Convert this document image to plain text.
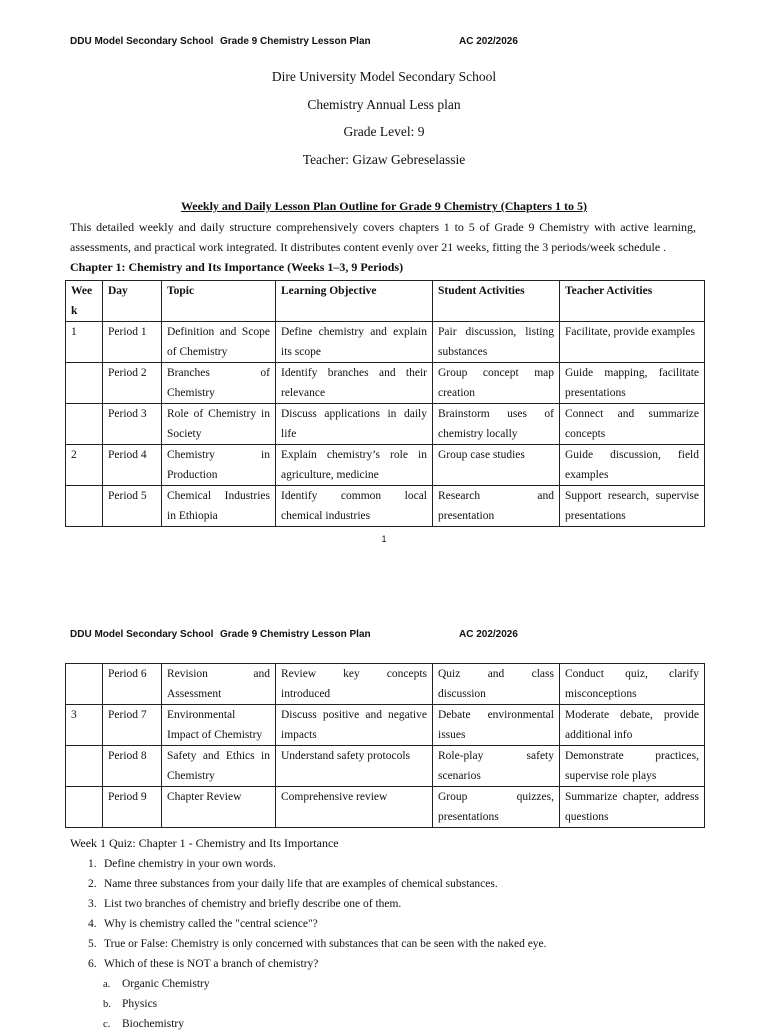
DDU Model Secondary School Grade 9 Chemistry Lesson Plan	AC 202/2026
Dire University Model Secondary School
Chemistry Annual Less plan
Grade Level: 9
Teacher: Gizaw Gebreselassie
Weekly and Daily Lesson Plan Outline for Grade 9 Chemistry (Chapters 1 to 5)
This detailed weekly and daily structure comprehensively covers chapters 1 to 5 of Grade 9 Chemistry with active learning, assessments, and practical work integrated. It distributes content evenly over 21 weeks, fitting the 3 periods/week schedule .
Chapter 1: Chemistry and Its Importance (Weeks 1–3, 9 Periods)
Wee k	Day	Topic	Learning Objective	Student Activities	Teacher Activities
1	Period 1	Definition and Scope of Chemistry	Define chemistry and explain its scope	Pair discussion, listing substances	Facilitate, provide examples
	Period 2	Branches of Chemistry	Identify branches and their relevance	Group concept map creation	Guide mapping, facilitate presentations
	Period 3	Role of Chemistry in Society	Discuss applications in daily life	Brainstorm uses of chemistry locally	Connect and summarize concepts
2	Period 4	Chemistry in Production	Explain chemistry’s role in agriculture, medicine	Group case studies	Guide discussion, field examples
	Period 5	Chemical Industries in Ethiopia	Identify common local chemical industries	Research and presentation	Support research, supervise presentations
1
DDU Model Secondary School Grade 9 Chemistry Lesson Plan	AC 202/2026
	Period 6	Revision and Assessment	Review key concepts introduced	Quiz and class discussion	Conduct quiz, clarify misconceptions
3	Period 7	Environmental Impact of Chemistry	Discuss positive and negative impacts	Debate environmental issues	Moderate debate, provide additional info
	Period 8	Safety and Ethics in Chemistry	Understand safety protocols	Role-play safety scenarios	Demonstrate practices, supervise role plays
	Period 9	Chapter Review	Comprehensive review	Group quizzes, presentations	Summarize chapter, address questions
Week 1 Quiz: Chapter 1 - Chemistry and Its Importance
1. Define chemistry in your own words.
2. Name three substances from your daily life that are examples of chemical substances.
3. List two branches of chemistry and briefly describe one of them.
4. Why is chemistry called the "central science"?
5. True or False: Chemistry is only concerned with substances that can be seen with the naked eye.
6. Which of these is NOT a branch of chemistry?
a. Organic Chemistry
b. Physics
c. Biochemistry
